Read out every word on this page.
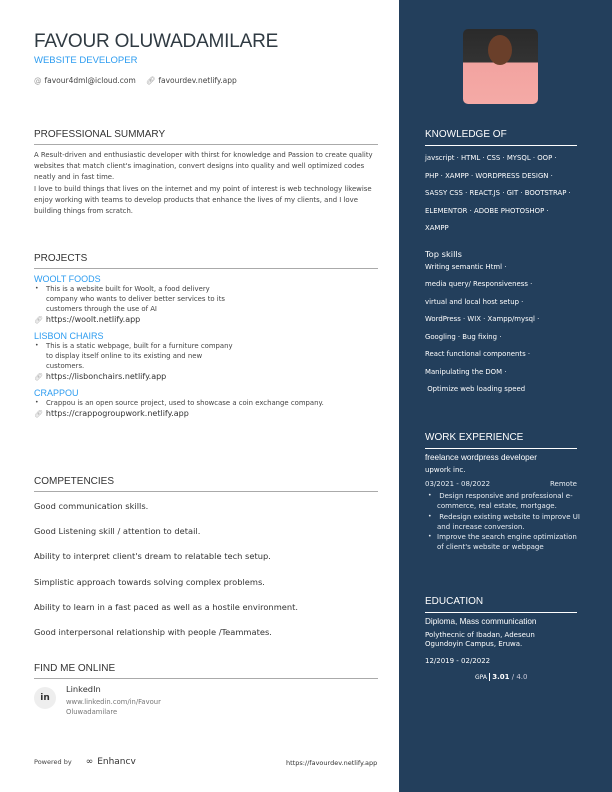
FAVOUR OLUWADAMILARE
WEBSITE DEVELOPER
@ favour4dml@icloud.com 🔗︎ favourdev.netlify.app
PROFESSIONAL SUMMARY
A Result-driven and enthusiastic developer with thirst for knowledge and Passion to create quality websites that match client's imagination, convert designs into quality and well optimized codes neatly and in fast time.
I love to build things that lives on the internet and my point of interest is web technology likewise enjoy working with teams to develop products that enhance the lives of my clients, and I love building things from scratch.
PROJECTS
WOOLT FOODS
• This is a website built for Woolt, a food delivery company who wants to deliver better services to its customers through the use of AI
🔗︎ https://woolt.netlify.app
LISBON CHAIRS
• This is a static webpage, built for a furniture company to display itself online to its existing and new customers.
🔗︎ https://lisbonchairs.netlify.app
CRAPPOU
• Crappou is an open source project, used to showcase a coin exchange company.
🔗︎ https://crappogroupwork.netlify.app
COMPETENCIES
Good communication skills.
Good Listening skill / attention to detail.
Ability to interpret client's dream to relatable tech setup.
Simplistic approach towards solving complex problems.
Ability to learn in a fast paced as well as a hostile environment.
Good interpersonal relationship with people /Teammates.
FIND ME ONLINE
in
LinkedIn
www.linkedin.com/in/Favour Oluwadamilare
Powered by ∞ Enhancv	https://favourdev.netlify.app
KNOWLEDGE OF
javscript · HTML · CSS · MYSQL · OOP ·
PHP · XAMPP · WORDPRESS DESIGN ·
SASSY CSS · REACT.JS · GIT · BOOTSTRAP ·
ELEMENTOR · ADOBE PHOTOSHOP ·
XAMPP
Top skills
Writing semantic Html ·
media query/ Responsiveness ·
virtual and local host setup ·
WordPress · WIX · Xampp/mysql ·
Googling · Bug fixing ·
React functional components ·
Manipulating the DOM ·
Optimize web loading speed
WORK EXPERIENCE
freelance wordpress developer
upwork inc.
03/2021 - 08/2022	Remote
•  Design responsive and professional e-commerce, real estate, mortgage.
•  Redesign existing website to improve UI and increase conversion.
• Improve the search engine optimization of client's website or webpage
EDUCATION
Diploma, Mass communication
Polythecnic of Ibadan, Adeseun Ogundoyin Campus, Eruwa.
12/2019 - 02/2022
GPA 3.01 / 4.0
